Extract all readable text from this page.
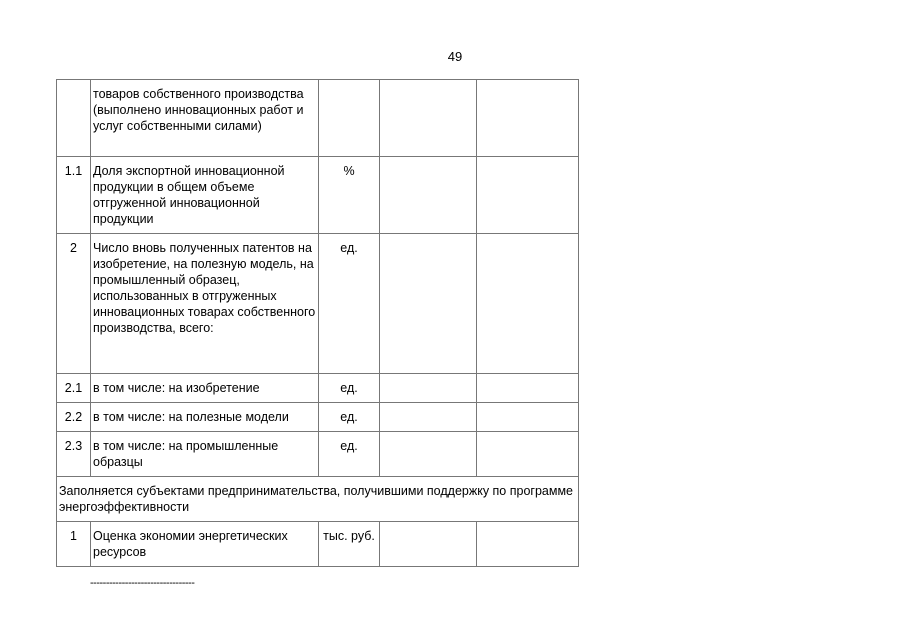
49
	товаров собственного производства (выполнено инновационных работ и услуг собственными силами)			
1.1	Доля экспортной инновационной продукции в общем объеме отгруженной инновационной продукции	%		
2	Число вновь полученных патентов на изобретение, на полезную модель, на промышленный образец, использованных в отгруженных инновационных товарах собственного производства, всего:	ед.		
2.1	в том числе: на изобретение	ед.		
2.2	в том числе: на полезные модели	ед.		
2.3	в том числе: на промышленные образцы	ед.		
Заполняется субъектами предпринимательства, получившими поддержку по программе энергоэффективности				
1	Оценка экономии энергетических ресурсов	тыс. руб.		
---------------------------------
